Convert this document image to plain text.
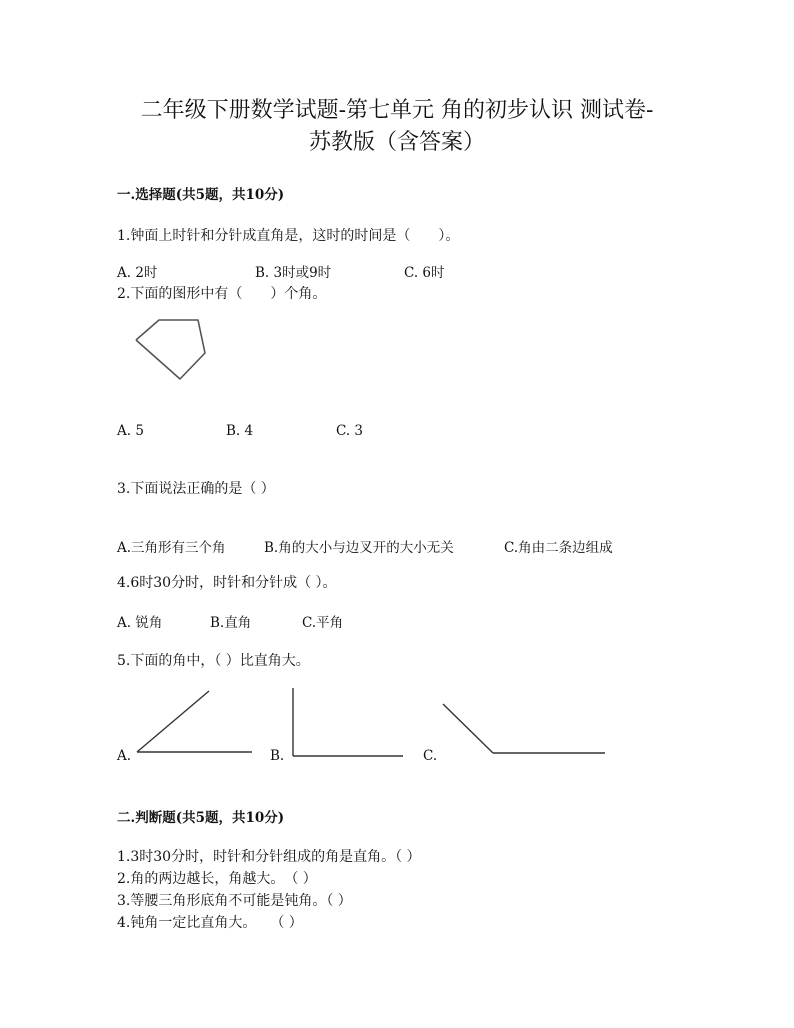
二年级下册数学试题-第七单元 角的初步认识 测试卷-
苏教版（含答案）
一.选择题(共5题，共10分)
1.钟面上时针和分针成直角是，这时的时间是（　　）。
A. 2时	B. 3时或9时	C. 6时
2.下面的图形中有（　　）个角。
A. 5	B. 4	C. 3
3.下面说法正确的是（ ）
A.三角形有三个角	B.角的大小与边叉开的大小无关	C.角由二条边组成
4.6时30分时，时针和分针成（ ）。
A. 锐角	B.直角	C.平角
5.下面的角中，（ ）比直角大。
A.	B.	C.
二.判断题(共5题，共10分)
1.3时30分时，时针和分针组成的角是直角。（ ）
2.角的两边越长，角越大。　（ ）
3.等腰三角形底角不可能是钝角。（ ）
4.钝角一定比直角大。　　（ ）
